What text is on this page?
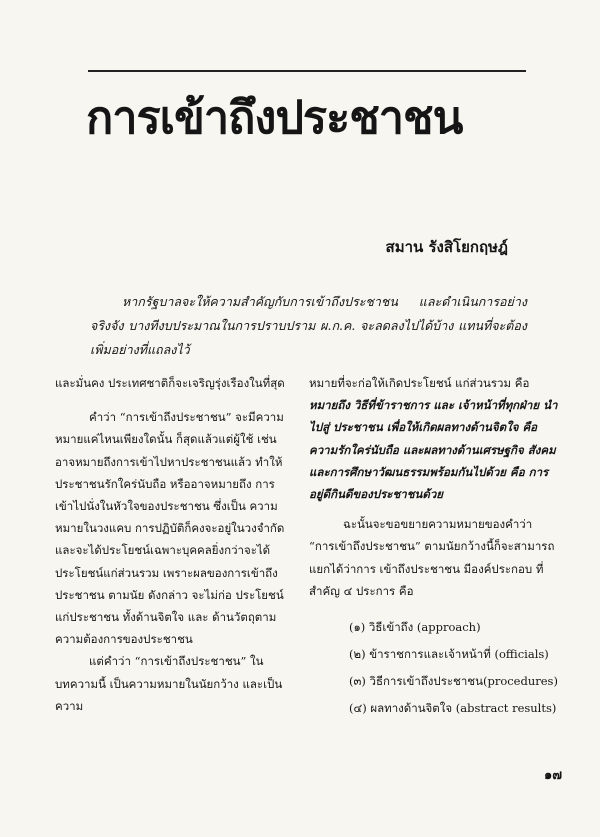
การเข้าถึงประชาชน
สมาน รังสิโยกฤษฎ์

หากรัฐบาลจะให้ความสำคัญกับการเข้าถึงประชาชน และดำเนินการอย่างจริงจัง บางทีงบประมาณในการปราบปราม ผ.ก.ค. จะลดลงไปได้บ้าง แทนที่จะต้องเพิ่มอย่างที่แถลงไว้

และมั่นคง ประเทศชาติก็จะเจริญรุ่งเรืองในที่สุด

คำว่า “การเข้าถึงประชาชน” จะมีความหมายแค่ไหนเพียงใดนั้น ก็สุดแล้วแต่ผู้ใช้ เช่น อาจหมายถึงการเข้าไปหาประชาชนแล้ว ทำให้ประชาชนรักใคร่นับถือ หรืออาจหมายถึง การเข้าไปนั่งในหัวใจของประชาชน ซึ่งเป็น ความหมายในวงแคบ การปฏิบัติก็คงจะอยู่ในวงจำกัด และจะได้ประโยชน์เฉพาะบุคคลยิ่งกว่าจะได้ประโยชน์แก่ส่วนรวม เพราะผลของการเข้าถึงประชาชน ตามนัย ดังกล่าว จะไม่ก่อ ประโยชน์ แก่ประชาชน ทั้งด้านจิตใจ และ ด้านวัตถุตามความต้องการของประชาชน

แต่คำว่า “การเข้าถึงประชาชน” ในบทความนี้ เป็นความหมายในนัยกว้าง และเป็นความ

หมายที่จะก่อให้เกิดประโยชน์ แก่ส่วนรวม คือ หมายถึง วิธีที่ข้าราชการ และ เจ้าหน้าที่ทุกฝ่าย นำไปสู่ ประชาชน เพื่อให้เกิดผลทางด้านจิตใจ คือความรักใคร่นับถือ และผลทางด้านเศรษฐกิจ สังคม และการศึกษาวัฒนธรรมพร้อมกันไปด้วย คือ การอยู่ดีกินดีของประชาชนด้วย

ฉะนั้นจะขอขยายความหมายของคำว่า “การเข้าถึงประชาชน” ตามนัยกว้างนี้ก็จะสามารถแยกได้ว่าการ เข้าถึงประชาชน มีองค์ประกอบ ที่สำคัญ ๔ ประการ คือ

(๑) วิธีเข้าถึง (approach)
(๒) ข้าราชการและเจ้าหน้าที่ (officials)
(๓) วิธีการเข้าถึงประชาชน(procedures)
(๔) ผลทางด้านจิตใจ (abstract results)
๑๗
